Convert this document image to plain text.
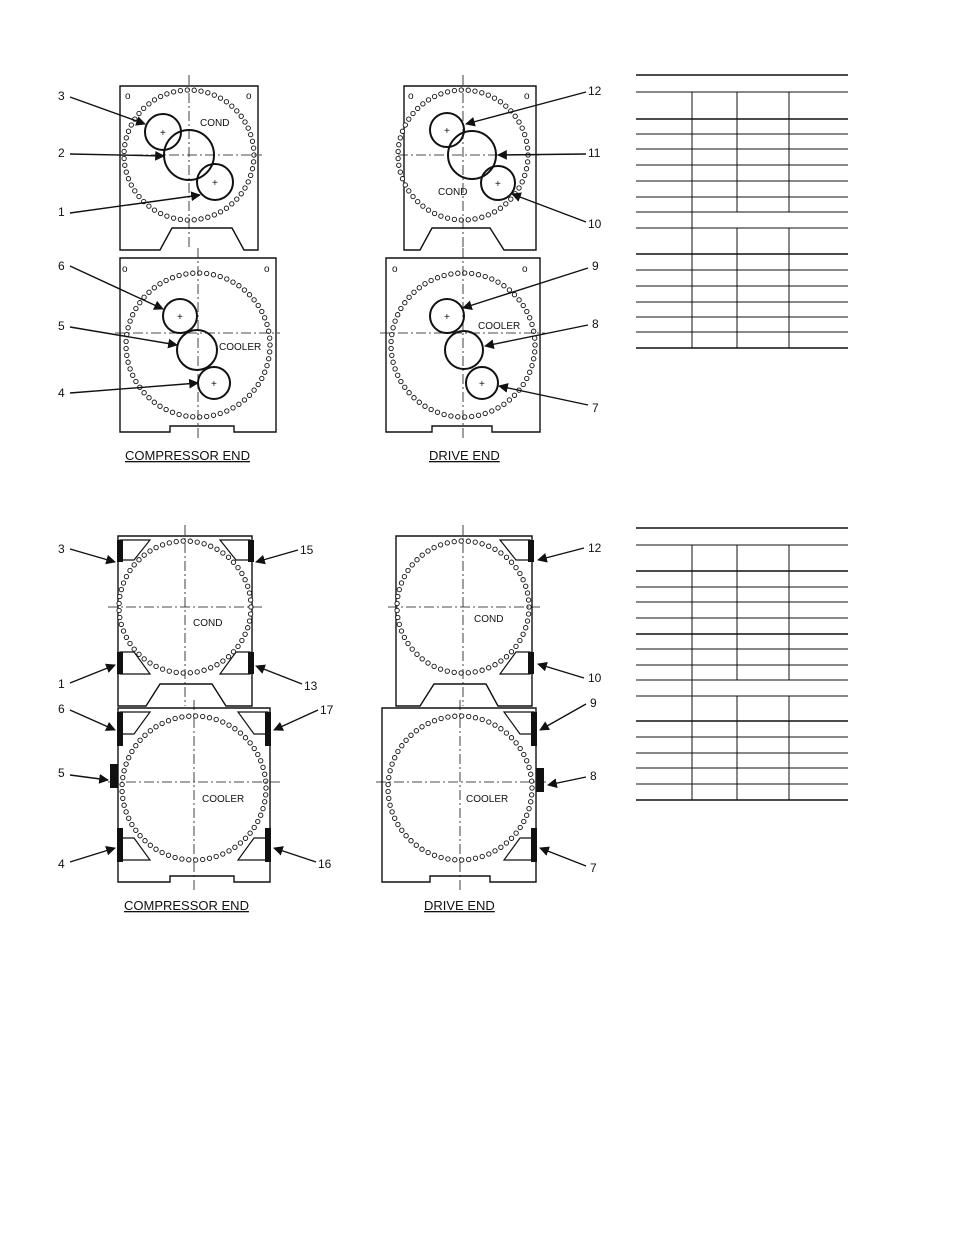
o	o
+
+
COND
o	o
+
+
COOLER
3
2
1
6
5
4
COMPRESSOR END
o	o
+
+
COND
o	o
+
+
COOLER
12
11
10
9
8
7
DRIVE END
COND
COOLER
3	15
1	13
6	17
5
4	16
COMPRESSOR END
COND
COOLER
12
10
9
8
7
DRIVE END
